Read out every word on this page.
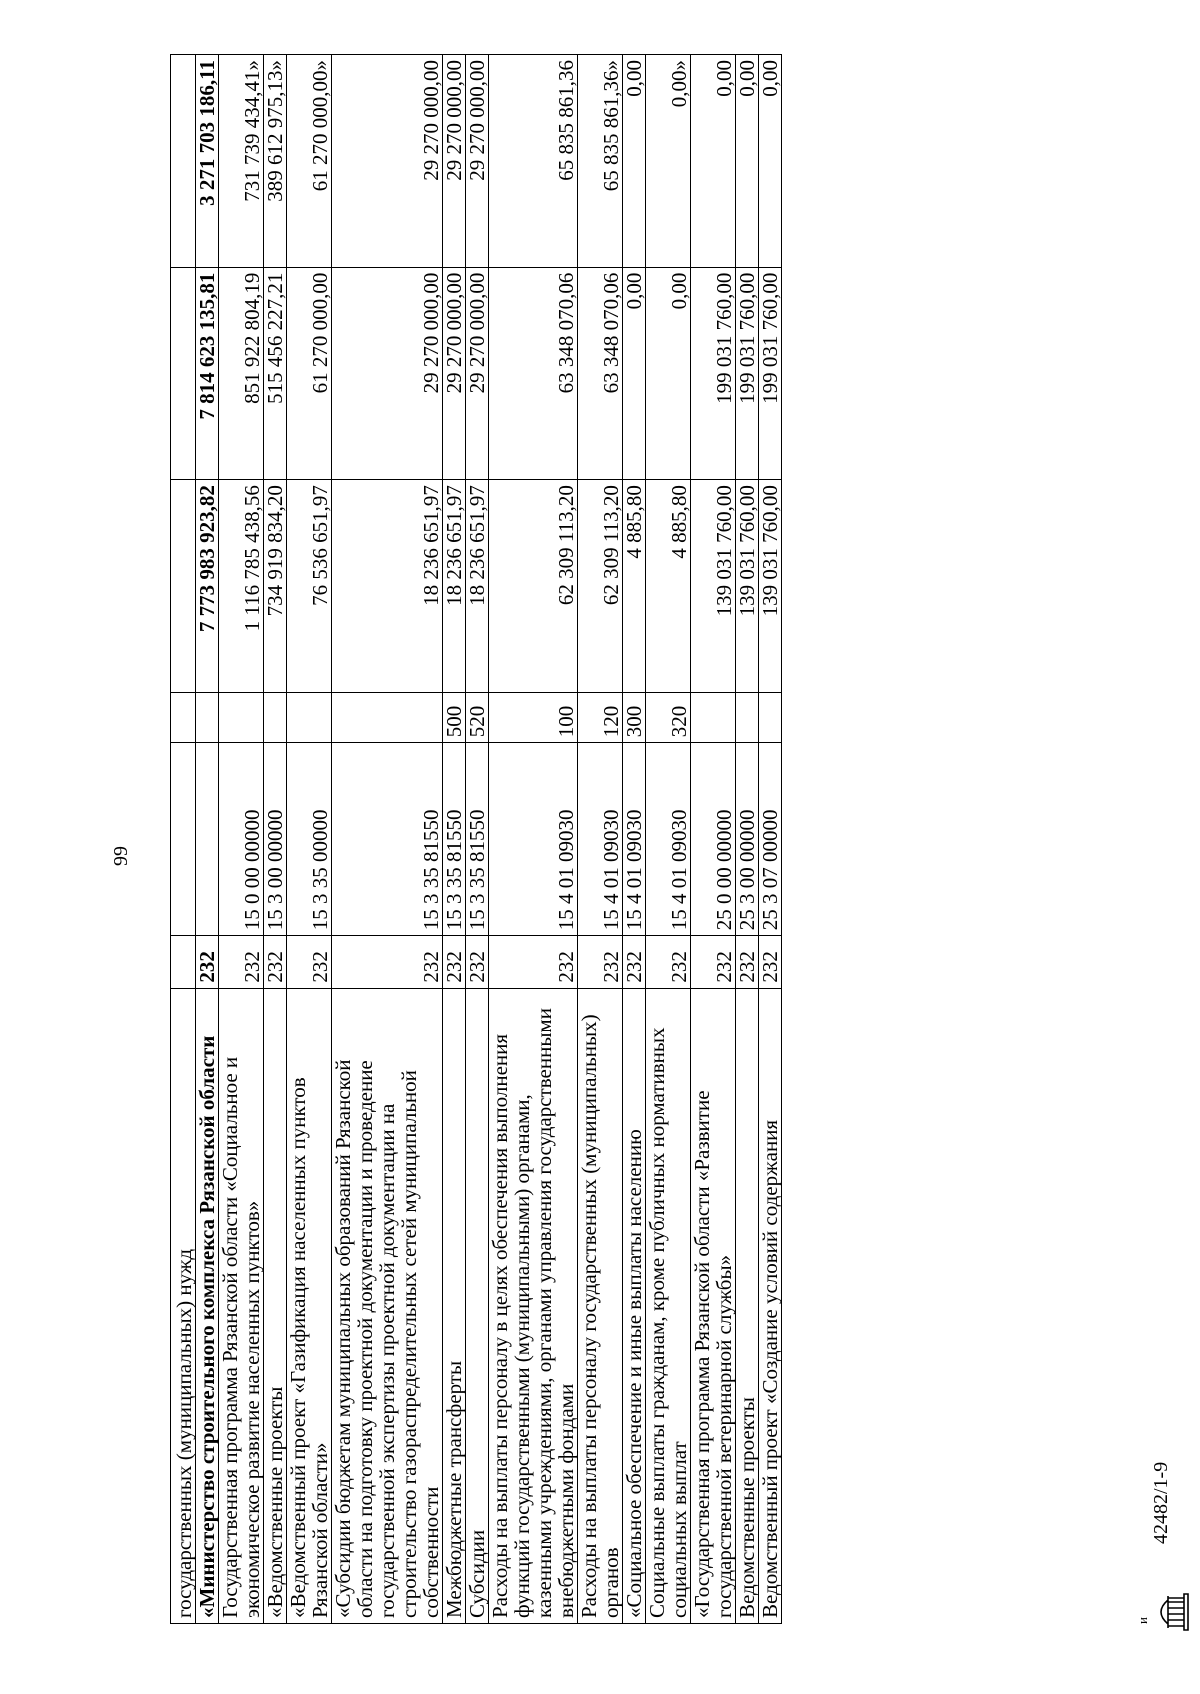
99
государственных (муниципальных) нужд						
«Министерство строительного комплекса Рязанской области	232			7 773 983 923,82	7 814 623 135,81	3 271 703 186,11
Государственная программа Рязанской области «Социальное и экономическое развитие населенных пунктов»	232	15 0 00 00000		1 116 785 438,56	851 922 804,19	731 739 434,41»
«Ведомственные проекты	232	15 3 00 00000		734 919 834,20	515 456 227,21	389 612 975,13»
«Ведомственный проект «Газификация населенных пунктов Рязанской области»	232	15 3 35 00000		76 536 651,97	61 270 000,00	61 270 000,00»
«Субсидии бюджетам муниципальных образований Рязанской области на подготовку проектной документации и проведение государственной экспертизы проектной документации на строительство газораспределительных сетей муниципальной собственности	232	15 3 35 81550		18 236 651,97	29 270 000,00	29 270 000,00
Межбюджетные трансферты	232	15 3 35 81550	500	18 236 651,97	29 270 000,00	29 270 000,00
Субсидии	232	15 3 35 81550	520	18 236 651,97	29 270 000,00	29 270 000,00
Расходы на выплаты персоналу в целях обеспечения выполнения функций государственными (муниципальными) органами, казенными учреждениями, органами управления государственными внебюджетными фондами	232	15 4 01 09030	100	62 309 113,20	63 348 070,06	65 835 861,36
Расходы на выплаты персоналу государственных (муниципальных) органов	232	15 4 01 09030	120	62 309 113,20	63 348 070,06	65 835 861,36»
«Социальное обеспечение и иные выплаты населению	232	15 4 01 09030	300	4 885,80	0,00	0,00
Социальные выплаты гражданам, кроме публичных нормативных социальных выплат	232	15 4 01 09030	320	4 885,80	0,00	0,00»
«Государственная программа Рязанской области «Развитие государственной ветеринарной службы»	232	25 0 00 00000		139 031 760,00	199 031 760,00	0,00
Ведомственные проекты	232	25 3 00 00000		139 031 760,00	199 031 760,00	0,00
Ведомственный проект «Создание условий содержания	232	25 3 07 00000		139 031 760,00	199 031 760,00	0,00
и
42482/1-9
